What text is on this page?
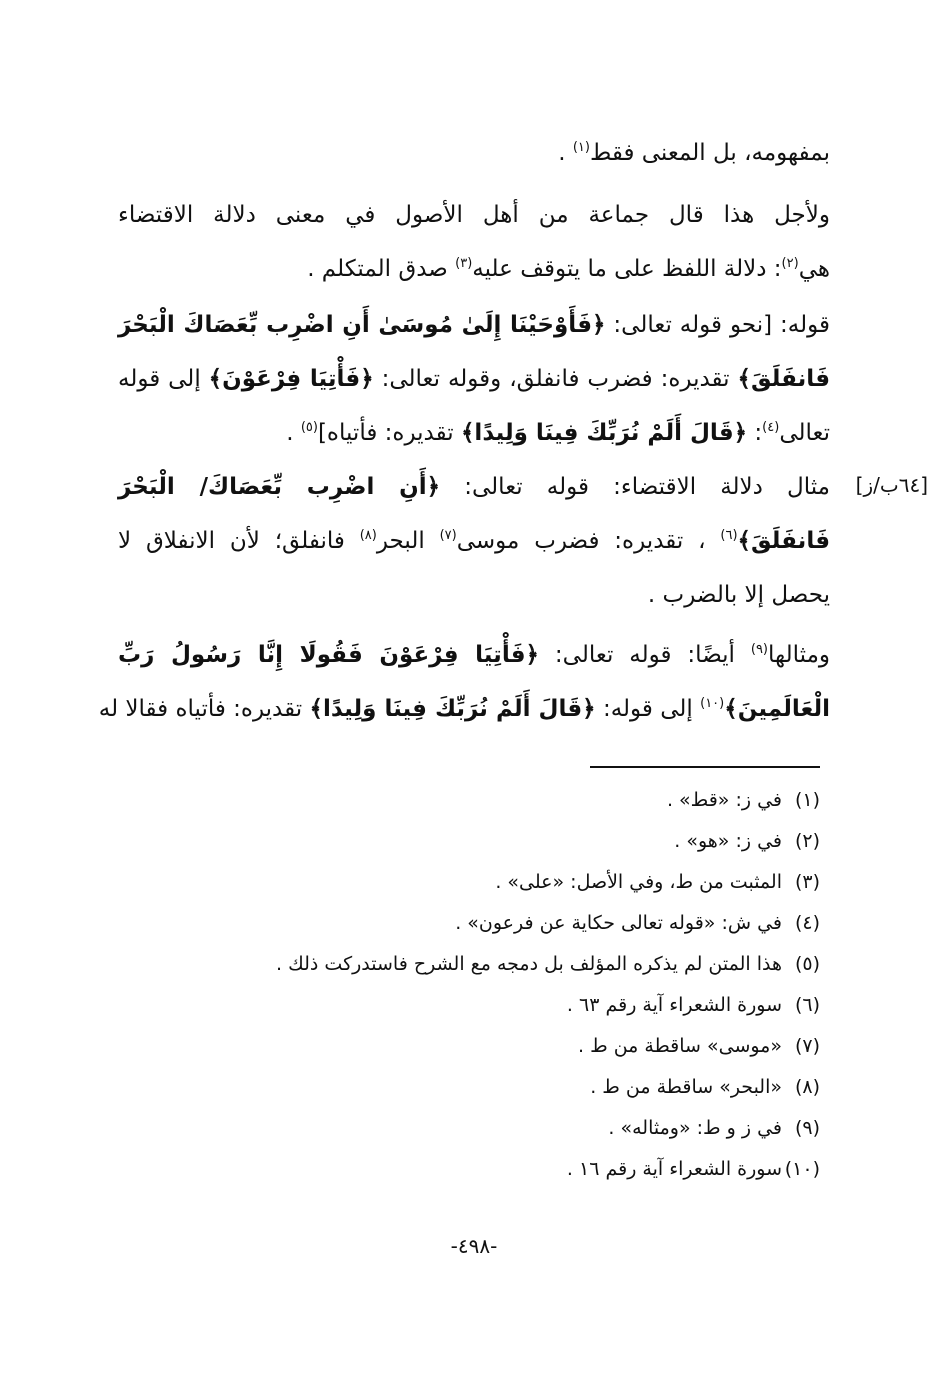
بمفهومه، بل المعنى فقط$^{(١)}$ .
ولأجل هذا قال جماعة من أهل الأصول في معنى دلالة الاقتضاء
هي$^{(٢)}$: دلالة اللفظ على ما يتوقف عليه$^{(٣)}$ صدق المتكلم .
قوله: [نحو قوله تعالى: ﴿فَأَوْحَيْنَا إِلَىٰ مُوسَىٰ أَنِ اضْرِب بِّعَصَاكَ الْبَحْرَ
فَانفَلَقَ﴾ تقديره: فضرب فانفلق، وقوله تعالى: ﴿فَأْتِيَا فِرْعَوْنَ﴾ إلى قوله
تعالى$^{(٤)}$: ﴿قَالَ أَلَمْ نُرَبِّكَ فِينَا وَلِيدًا﴾ تقديره: فأتياه]$^{(٥)}$ .
مثال دلالة الاقتضاء: قوله تعالى: ﴿أَنِ اضْرِب بِّعَصَاكَ/ الْبَحْرَ
فَانفَلَقَ﴾$^{(٦)}$ ، تقديره: فضرب موسى$^{(٧)}$ البحر$^{(٨)}$ فانفلق؛ لأن الانفلاق لا
يحصل إلا بالضرب .
ومثالها$^{(٩)}$ أيضًا: قوله تعالى: ﴿فَأْتِيَا فِرْعَوْنَ فَقُولَا إِنَّا رَسُولُ رَبِّ
الْعَالَمِينَ﴾$^{(١٠)}$ إلى قوله: ﴿قَالَ أَلَمْ نُرَبِّكَ فِينَا وَلِيدًا﴾ تقديره: فأتياه فقالا له
[٦٤ب/ز]
(١)في ز: «قط» .
(٢)في ز: «هو» .
(٣)المثبت من ط، وفي الأصل: «على» .
(٤)في ش: «قوله تعالى حكاية عن فرعون» .
(٥)هذا المتن لم يذكره المؤلف بل دمجه مع الشرح فاستدركت ذلك .
(٦)سورة الشعراء آية رقم ٦٣ .
(٧)«موسى» ساقطة من ط .
(٨)«البحر» ساقطة من ط .
(٩)في ز و ط: «ومثاله» .
(١٠)سورة الشعراء آية رقم ١٦ .
-٤٩٨-
